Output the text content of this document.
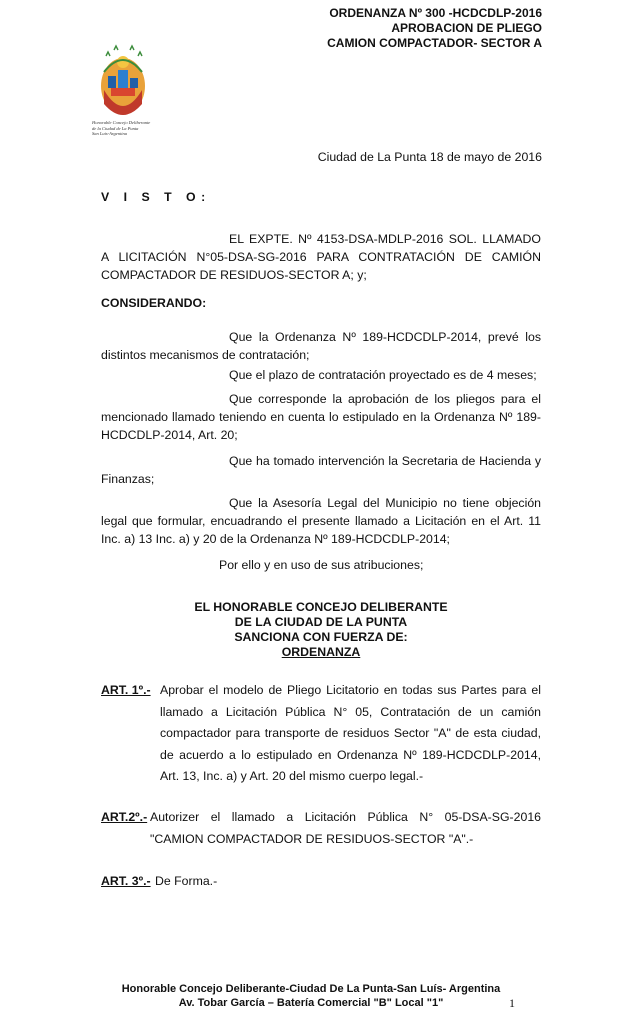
ORDENANZA Nº 300 -HCDCDLP-2016
APROBACION DE PLIEGO
CAMION COMPACTADOR- SECTOR A
Honorable Concejo Deliberante
de la Ciudad de La Punta
San Luis-Argentina
Ciudad de La Punta 18 de mayo de 2016
V I S T O:
EL EXPTE. Nº 4153-DSA-MDLP-2016 SOL. LLAMADO A LICITACIÓN N°05-DSA-SG-2016 PARA CONTRATACIÓN DE CAMIÓN COMPACTADOR DE RESIDUOS-SECTOR A; y;
CONSIDERANDO:
Que la Ordenanza Nº 189-HCDCDLP-2014, prevé los distintos mecanismos de contratación;
Que el plazo de contratación proyectado es de 4 meses;
Que corresponde la aprobación de los pliegos para el mencionado llamado teniendo en cuenta lo estipulado en la Ordenanza Nº 189-HCDCDLP-2014, Art. 20;
Que ha tomado intervención la Secretaria de Hacienda y Finanzas;
Que la Asesoría Legal del Municipio no tiene objeción legal que formular, encuadrando el presente llamado a Licitación en el Art. 11 Inc. a) 13 Inc. a) y 20 de la Ordenanza Nº 189-HCDCDLP-2014;
Por ello y en uso de sus atribuciones;
EL HONORABLE CONCEJO DELIBERANTE
DE LA CIUDAD DE LA PUNTA
SANCIONA CON FUERZA DE:
ORDENANZA
ART. 1º.- Aprobar el modelo de Pliego Licitatorio en todas sus Partes para el llamado a Licitación Pública N° 05, Contratación de un camión compactador para transporte de residuos Sector "A" de esta ciudad, de acuerdo a lo estipulado en Ordenanza Nº 189-HCDCDLP-2014, Art. 13, Inc. a) y Art. 20 del mismo cuerpo legal.-
ART.2º.- Autorizer el llamado a Licitación Pública N° 05-DSA-SG-2016 "CAMION COMPACTADOR DE RESIDUOS-SECTOR "A".-
ART. 3º.- De Forma.-
Honorable Concejo Deliberante-Ciudad De La Punta-San Luís- Argentina
Av. Tobar García – Batería Comercial "B" Local "1"	1
